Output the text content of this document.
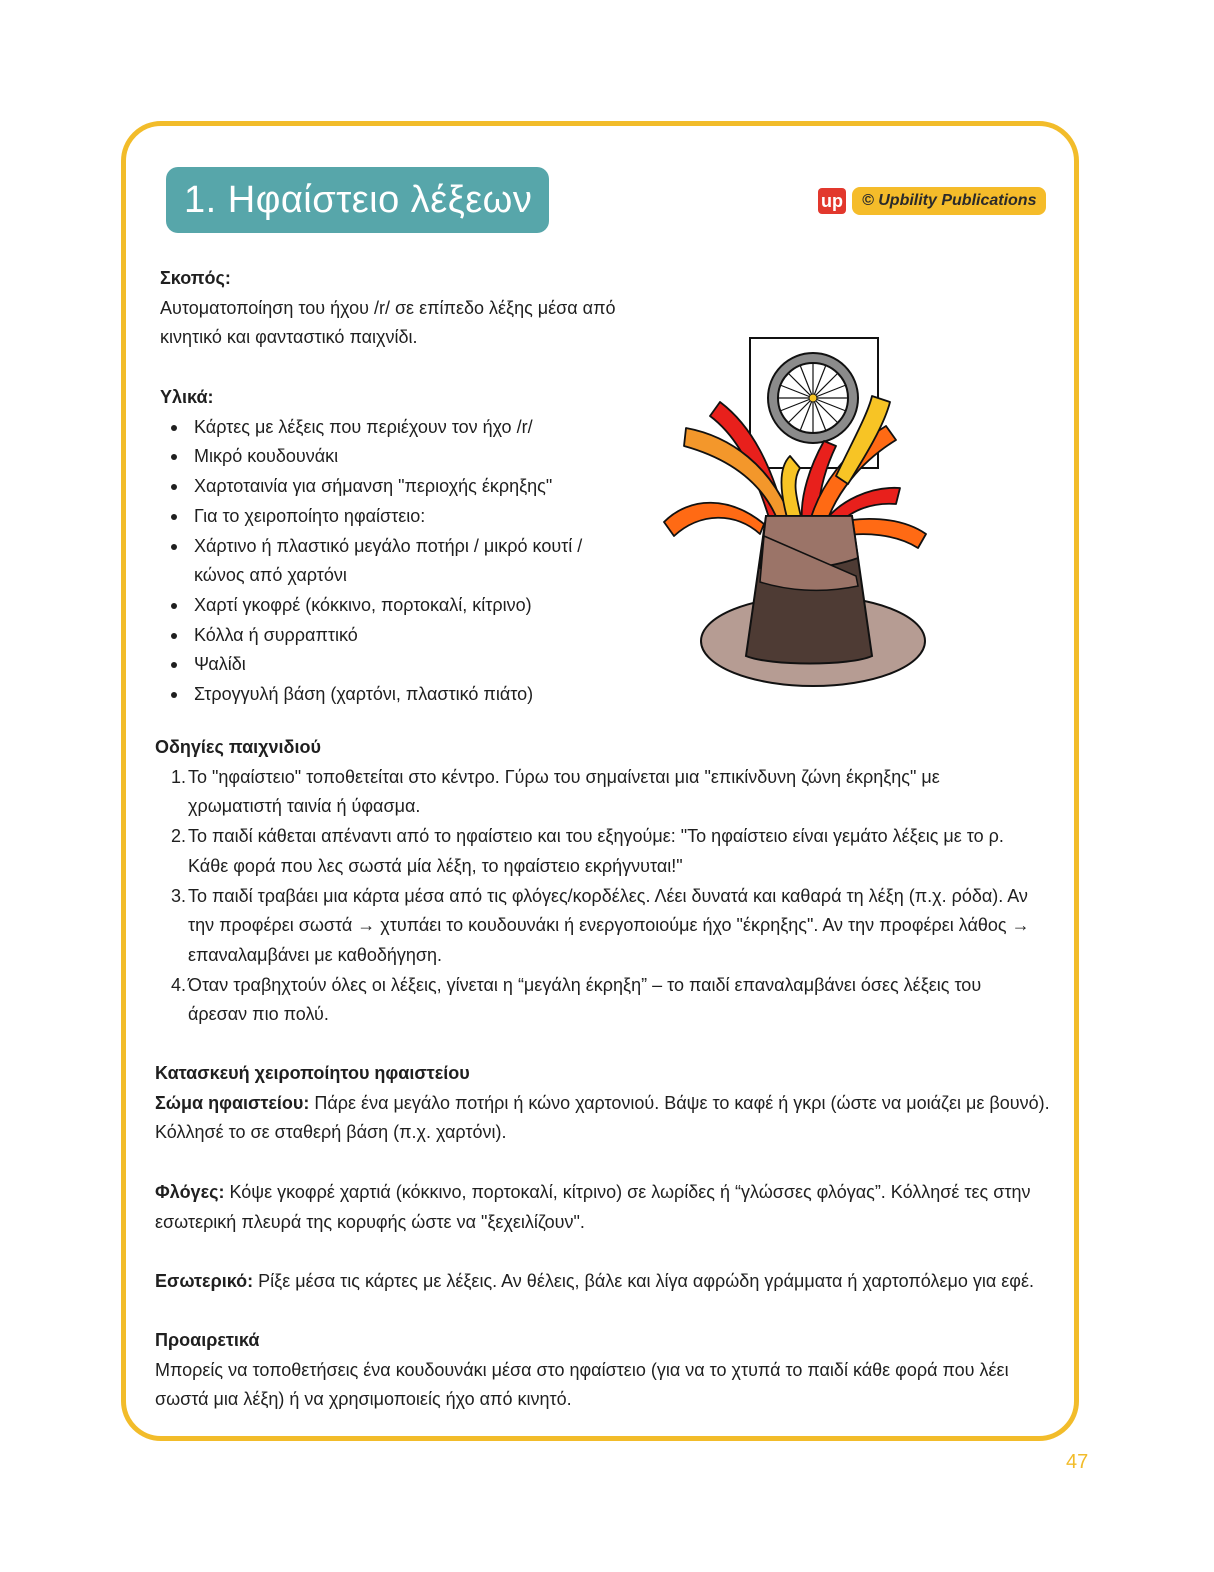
1. Ηφαίστειο λέξεων	up	© Upbility Publications
Σκοπός:
Αυτοματοποίηση του ήχου /r/ σε επίπεδο λέξης μέσα από
κινητικό και φανταστικό παιχνίδι.
Υλικά:
Κάρτες με λέξεις που περιέχουν τον ήχο /r/
Μικρό κουδουνάκι
Χαρτοταινία για σήμανση "περιοχής έκρηξης"
Για το χειροποίητο ηφαίστειο:
Χάρτινο ή πλαστικό μεγάλο ποτήρι / μικρό κουτί /
κώνος από χαρτόνι
Χαρτί γκοφρέ (κόκκινο, πορτοκαλί, κίτρινο)
Κόλλα ή συρραπτικό
Ψαλίδι
Στρογγυλή βάση (χαρτόνι, πλαστικό πιάτο)
Οδηγίες παιχνιδιού
1. Το "ηφαίστειο" τοποθετείται στο κέντρο. Γύρω του σημαίνεται μια "επικίνδυνη ζώνη έκρηξης" με
χρωματιστή ταινία ή ύφασμα.
2. Το παιδί κάθεται απέναντι από το ηφαίστειο και του εξηγούμε: "Το ηφαίστειο είναι γεμάτο λέξεις με το ρ.
Κάθε φορά που λες σωστά μία λέξη, το ηφαίστειο εκρήγνυται!"
3. Το παιδί τραβάει μια κάρτα μέσα από τις φλόγες/κορδέλες. Λέει δυνατά και καθαρά τη λέξη (π.χ. ρόδα). Αν
την προφέρει σωστά → χτυπάει το κουδουνάκι ή ενεργοποιούμε ήχο "έκρηξης". Αν την προφέρει λάθος →
επαναλαμβάνει με καθοδήγηση.
4. Όταν τραβηχτούν όλες οι λέξεις, γίνεται η “μεγάλη έκρηξη” – το παιδί επαναλαμβάνει όσες λέξεις του
άρεσαν πιο πολύ.
Κατασκευή χειροποίητου ηφαιστείου
Σώμα ηφαιστείου: Πάρε ένα μεγάλο ποτήρι ή κώνο χαρτονιού. Βάψε το καφέ ή γκρι (ώστε να μοιάζει με βουνό).
Κόλλησέ το σε σταθερή βάση (π.χ. χαρτόνι).
Φλόγες: Κόψε γκοφρέ χαρτιά (κόκκινο, πορτοκαλί, κίτρινο) σε λωρίδες ή “γλώσσες φλόγας”. Κόλλησέ τες στην
εσωτερική πλευρά της κορυφής ώστε να "ξεχειλίζουν".
Εσωτερικό: Ρίξε μέσα τις κάρτες με λέξεις. Αν θέλεις, βάλε και λίγα αφρώδη γράμματα ή χαρτοπόλεμο για εφέ.
Προαιρετικά
Μπορείς να τοποθετήσεις ένα κουδουνάκι μέσα στο ηφαίστειο (για να το χτυπά το παιδί κάθε φορά που λέει
σωστά μια λέξη) ή να χρησιμοποιείς ήχο από κινητό.
47
